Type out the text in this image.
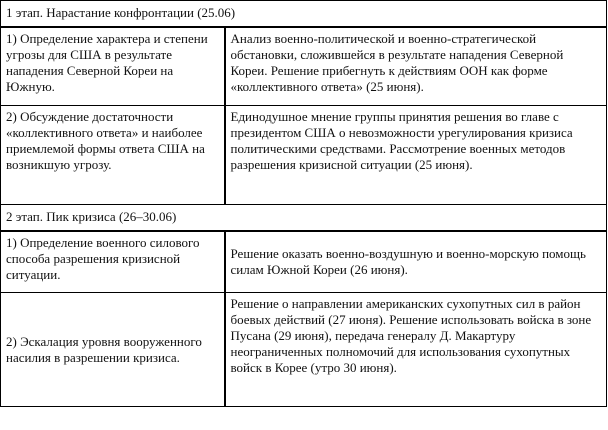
1 этап. Нарастание конфронтации (25.06)	
1) Определение характера и степени угрозы для США в результате нападения Северной Кореи на Южную.	Анализ военно-политической и военно-стратегической обстановки, сложившейся в результате нападения Северной Кореи. Решение прибегнуть к действиям ООН как форме «коллективного ответа» (25 июня).
2) Обсуждение достаточности «коллективного ответа» и наиболее приемлемой формы ответа США на возникшую угрозу.	Единодушное мнение группы принятия решения во главе с президентом США о невозможности урегулирования кризиса политическими средствами. Рассмотрение военных методов разрешения кризисной ситуации (25 июня).
2 этап. Пик кризиса (26–30.06)	
1) Определение военного силового способа разрешения кризисной ситуации.	Решение оказать военно-воздушную и военно-морскую помощь силам Южной Кореи (26 июня).
2) Эскалация уровня вооруженного насилия в разрешении кризиса.	Решение о направлении американских сухопутных сил в район боевых действий (27 июня). Решение использовать войска в зоне Пусана (29 июня), передача генералу Д. Макартуру неограниченных полномочий для использования сухопутных войск в Корее (утро 30 июня).
